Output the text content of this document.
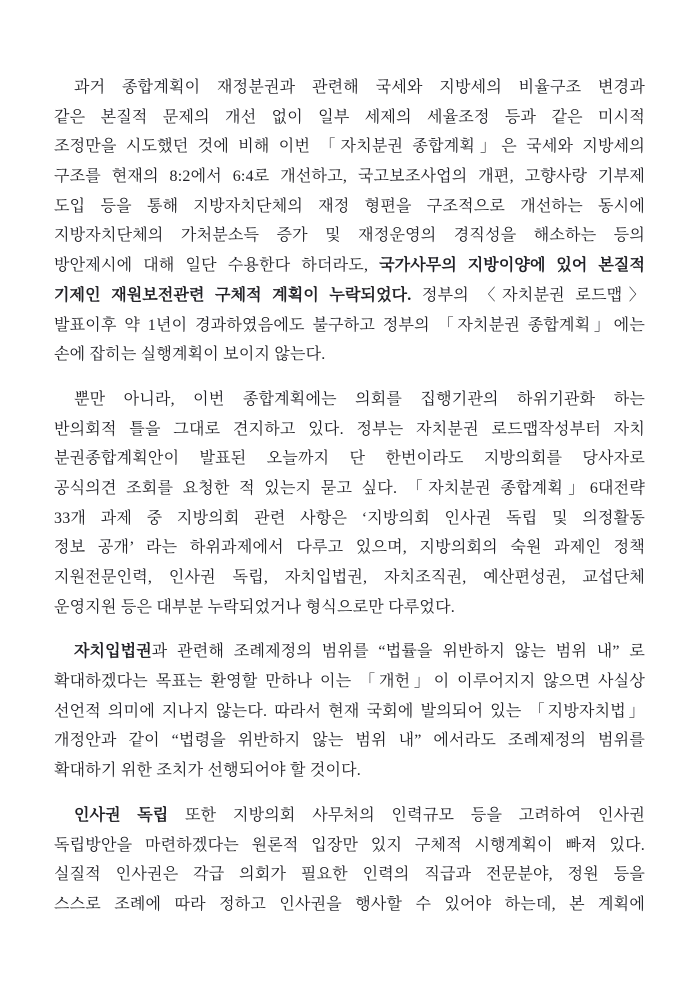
과거 종합계획이 재정분권과 관련해 국세와 지방세의 비율구조 변경과
같은 본질적 문제의 개선 없이 일부 세제의 세율조정 등과 같은 미시적
조정만을 시도했던 것에 비해 이번 「자치분권 종합계획」은 국세와 지방세의
구조를 현재의 8:2에서 6:4로 개선하고, 국고보조사업의 개편, 고향사랑 기부제
도입 등을 통해 지방자치단체의 재정 형편을 구조적으로 개선하는 동시에
지방자치단체의 가처분소득 증가 및 재정운영의 경직성을 해소하는 등의
방안제시에 대해 일단 수용한다 하더라도, 국가사무의 지방이양에 있어 본질적
기제인 재원보전관련 구체적 계획이 누락되었다. 정부의 〈자치분권 로드맵〉
발표이후 약 1년이 경과하였음에도 불구하고 정부의 「자치분권 종합계획」에는
손에 잡히는 실행계획이 보이지 않는다.
뿐만 아니라, 이번 종합계획에는 의회를 집행기관의 하위기관화 하는
반의회적 틀을 그대로 견지하고 있다. 정부는 자치분권 로드맵작성부터 자치
분권종합계획안이 발표된 오늘까지 단 한번이라도 지방의회를 당사자로
공식의견 조회를 요청한 적 있는지 묻고 싶다. 「자치분권 종합계획」6대전략
33개 과제 중 지방의회 관련 사항은 ‘지방의회 인사권 독립 및 의정활동
정보 공개’ 라는 하위과제에서 다루고 있으며, 지방의회의 숙원 과제인 정책
지원전문인력, 인사권 독립, 자치입법권, 자치조직권, 예산편성권, 교섭단체
운영지원 등은 대부분 누락되었거나 형식으로만 다루었다.
자치입법권과 관련해 조례제정의 범위를 “법률을 위반하지 않는 범위 내” 로
확대하겠다는 목표는 환영할 만하나 이는 「개헌」이 이루어지지 않으면 사실상
선언적 의미에 지나지 않는다. 따라서 현재 국회에 발의되어 있는 「지방자치법」
개정안과 같이 “법령을 위반하지 않는 범위 내” 에서라도 조례제정의 범위를
확대하기 위한 조치가 선행되어야 할 것이다.
인사권 독립 또한 지방의회 사무처의 인력규모 등을 고려하여 인사권
독립방안을 마련하겠다는 원론적 입장만 있지 구체적 시행계획이 빠져 있다.
실질적 인사권은 각급 의회가 필요한 인력의 직급과 전문분야, 정원 등을
스스로 조례에 따라 정하고 인사권을 행사할 수 있어야 하는데, 본 계획에
